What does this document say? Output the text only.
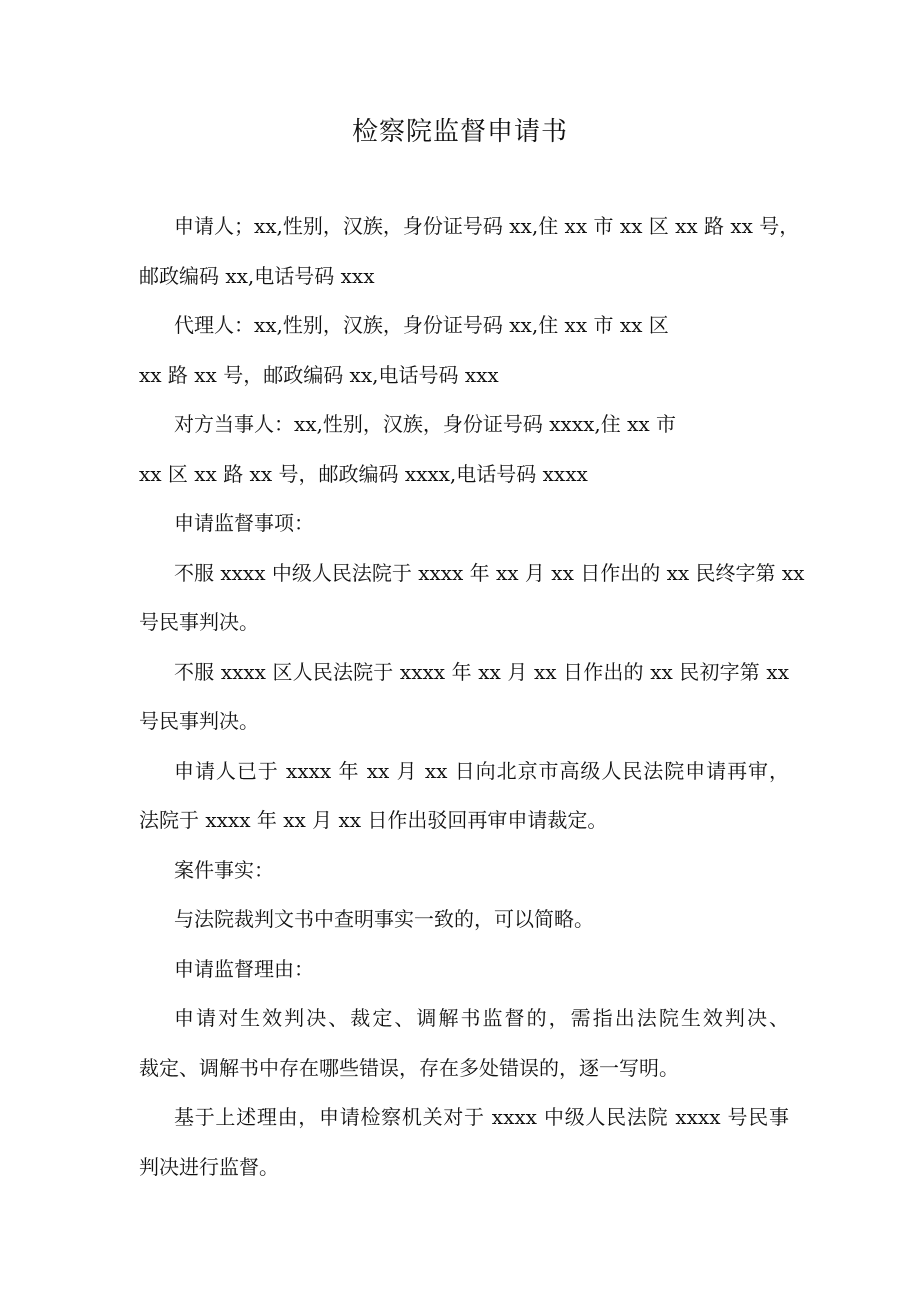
检察院监督申请书

申请人；xx,性别，汉族，身份证号码 xx,住 xx 市 xx 区 xx 路 xx 号，

邮政编码 xx,电话号码 xxx

代理人：xx,性别，汉族，身份证号码 xx,住 xx 市 xx 区

xx 路 xx 号，邮政编码 xx,电话号码 xxx

对方当事人：xx,性别，汉族，身份证号码 xxxx,住 xx 市

xx 区 xx 路 xx 号，邮政编码 xxxx,电话号码 xxxx

申请监督事项：

不服 xxxx 中级人民法院于 xxxx 年 xx 月 xx 日作出的 xx 民终字第 xx

号民事判决。

不服 xxxx 区人民法院于 xxxx 年 xx 月 xx 日作出的 xx 民初字第 xx

号民事判决。

申请人已于 xxxx 年 xx 月 xx 日向北京市高级人民法院申请再审，

法院于 xxxx 年 xx 月 xx 日作出驳回再审申请裁定。

案件事实：

与法院裁判文书中查明事实一致的，可以简略。

申请监督理由：

申请对生效判决、裁定、调解书监督的，需指出法院生效判决、

裁定、调解书中存在哪些错误，存在多处错误的，逐一写明。

基于上述理由，申请检察机关对于 xxxx 中级人民法院 xxxx 号民事

判决进行监督。
